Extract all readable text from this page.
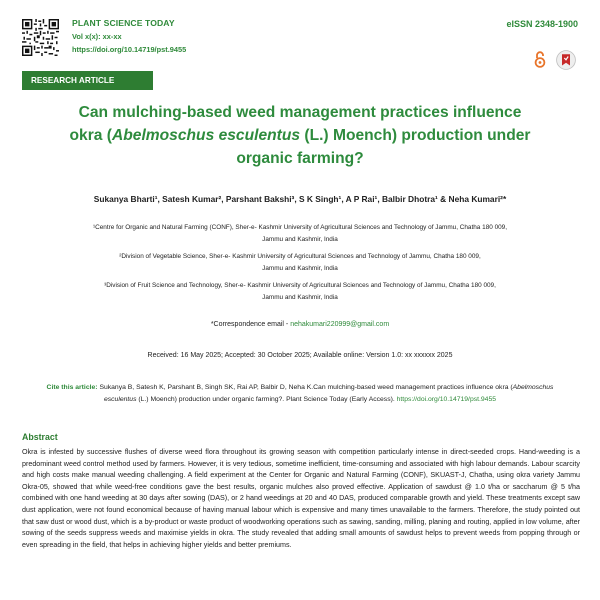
PLANT SCIENCE TODAY
Vol x(x): xx-xx
https://doi.org/10.14719/pst.9455
eISSN 2348-1900
RESEARCH ARTICLE
Can mulching-based weed management practices influence
okra (Abelmoschus esculentus (L.) Moench) production under
organic farming?
Sukanya Bharti¹, Satesh Kumar², Parshant Bakshi³, S K Singh¹, A P Rai¹, Balbir Dhotra¹ & Neha Kumari²*
¹Centre for Organic and Natural Farming (CONF), Sher-e- Kashmir University of Agricultural Sciences and Technology of Jammu, Chatha 180 009,
Jammu and Kashmir, India
²Division of Vegetable Science, Sher-e- Kashmir University of Agricultural Sciences and Technology of Jammu, Chatha 180 009,
Jammu and Kashmir, India
³Division of Fruit Science and Technology, Sher-e- Kashmir University of Agricultural Sciences and Technology of Jammu, Chatha 180 009,
Jammu and Kashmir, India
*Correspondence email - nehakumari220999@gmail.com
Received: 16 May 2025; Accepted: 30 October 2025; Available online: Version 1.0: xx xxxxxx 2025
Cite this article: Sukanya B, Satesh K, Parshant B, Singh SK, Rai AP, Balbir D, Neha K.Can mulching-based weed management practices influence okra (Abelmoschus esculentus (L.) Moench) production under organic farming?. Plant Science Today (Early Access). https://doi.org/10.14719/pst.9455
Abstract
Okra is infested by successive flushes of diverse weed flora throughout its growing season with competition particularly intense in direct-seeded crops. Hand-weeding is a predominant weed control method used by farmers. However, it is very tedious, sometime inefficient, time-consuming and associated with high labour demands. Labour scarcity and high costs make manual weeding challenging. A field experiment at the Center for Organic and Natural Farming (CONF), SKUAST-J, Chatha, using okra variety Jammu Okra-05, showed that while weed-free conditions gave the best results, organic mulches also proved effective. Application of sawdust @ 1.0 t/ha or saccharum @ 5 t/ha combined with one hand weeding at 30 days after sowing (DAS), or 2 hand weedings at 20 and 40 DAS, produced comparable growth and yield. These treatments except saw dust application, were not found economical because of having manual labour which is expensive and many times unavailable to the farmers. Therefore, the study pointed out that saw dust or wood dust, which is a by-product or waste product of woodworking operations such as sawing, sanding, milling, planing and routing, applied in low volume, after sowing of the seeds suppress weeds and maximise yields in okra. The study revealed that adding small amounts of sawdust helps to prevent weeds from popping through or even spreading in the field, that helps in achieving higher yields and better premiums.
